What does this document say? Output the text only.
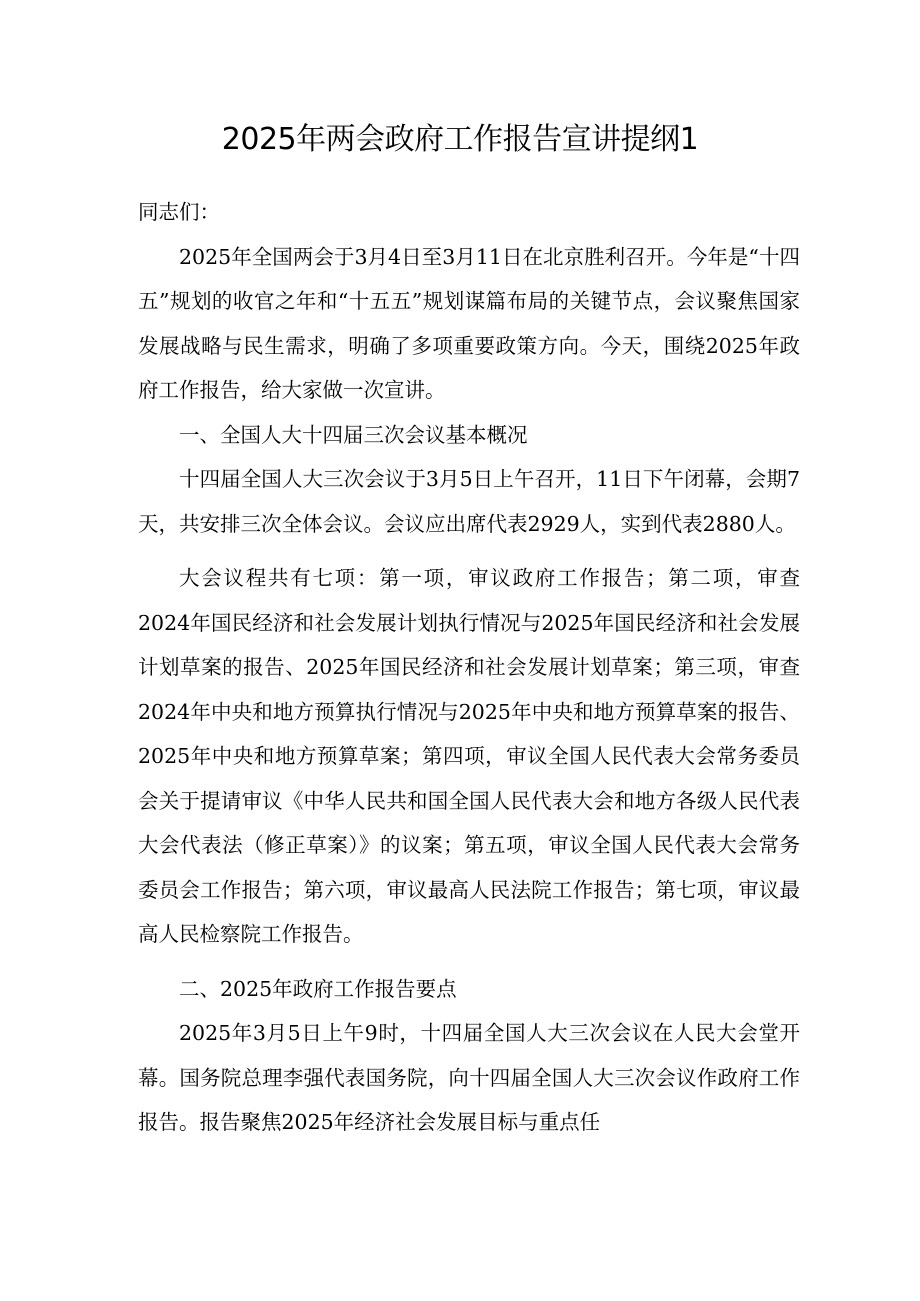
2025年两会政府工作报告宣讲提纲1

同志们：

2025年全国两会于3月4日至3月11日在北京胜利召开。今年是“十四五”规划的收官之年和“十五五”规划谋篇布局的关键节点，会议聚焦国家发展战略与民生需求，明确了多项重要政策方向。今天，围绕2025年政府工作报告，给大家做一次宣讲。

一、全国人大十四届三次会议基本概况

十四届全国人大三次会议于3月5日上午召开，11日下午闭幕，会期7天，共安排三次全体会议。会议应出席代表2929人，实到代表2880人。

大会议程共有七项：第一项，审议政府工作报告；第二项，审查2024年国民经济和社会发展计划执行情况与2025年国民经济和社会发展计划草案的报告、2025年国民经济和社会发展计划草案；第三项，审查2024年中央和地方预算执行情况与2025年中央和地方预算草案的报告、2025年中央和地方预算草案；第四项，审议全国人民代表大会常务委员会关于提请审议《中华人民共和国全国人民代表大会和地方各级人民代表大会代表法（修正草案）》的议案；第五项，审议全国人民代表大会常务委员会工作报告；第六项，审议最高人民法院工作报告；第七项，审议最高人民检察院工作报告。

二、2025年政府工作报告要点

2025年3月5日上午9时，十四届全国人大三次会议在人民大会堂开幕。国务院总理李强代表国务院，向十四届全国人大三次会议作政府工作报告。报告聚焦2025年经济社会发展目标与重点任
